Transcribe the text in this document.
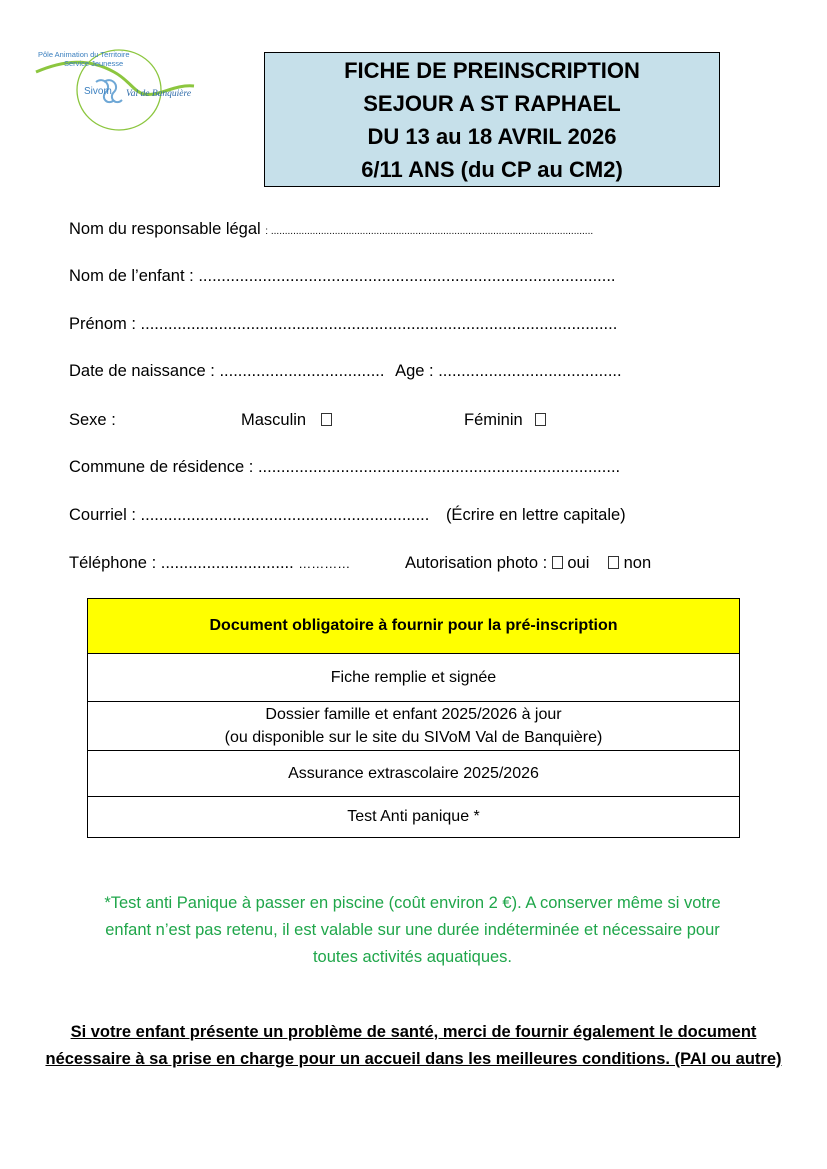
Pôle Animation du Territoire
Service Jeunesse
Sivom Val de Banquière
FICHE DE PREINSCRIPTION
SEJOUR A ST RAPHAEL
DU 13 au 18 AVRIL 2026
6/11 ANS (du CP au CM2)
Nom du responsable légal : ....................................................................................................................
Nom de l’enfant : ...........................................................................................
Prénom : ........................................................................................................
Date de naissance : .................................... Age : ........................................
Sexe :	Masculin	Féminin
Commune de résidence : ...............................................................................
Courriel : ............................................................... (Écrire en lettre capitale)
Téléphone : ............................. …………	Autorisation photo : oui non
Document obligatoire à fournir pour la pré-inscription
Fiche remplie et signée

Dossier famille et enfant 2025/2026 à jour
(ou disponible sur le site du SIVoM Val de Banquière)

Assurance extrascolaire 2025/2026
Test Anti panique *
*Test anti Panique à passer en piscine (coût environ 2 €). A conserver même si votre
enfant n’est pas retenu, il est valable sur une durée indéterminée et nécessaire pour
toutes activités aquatiques.
Si votre enfant présente un problème de santé, merci de fournir également le document
nécessaire à sa prise en charge pour un accueil dans les meilleures conditions. (PAI ou autre)
